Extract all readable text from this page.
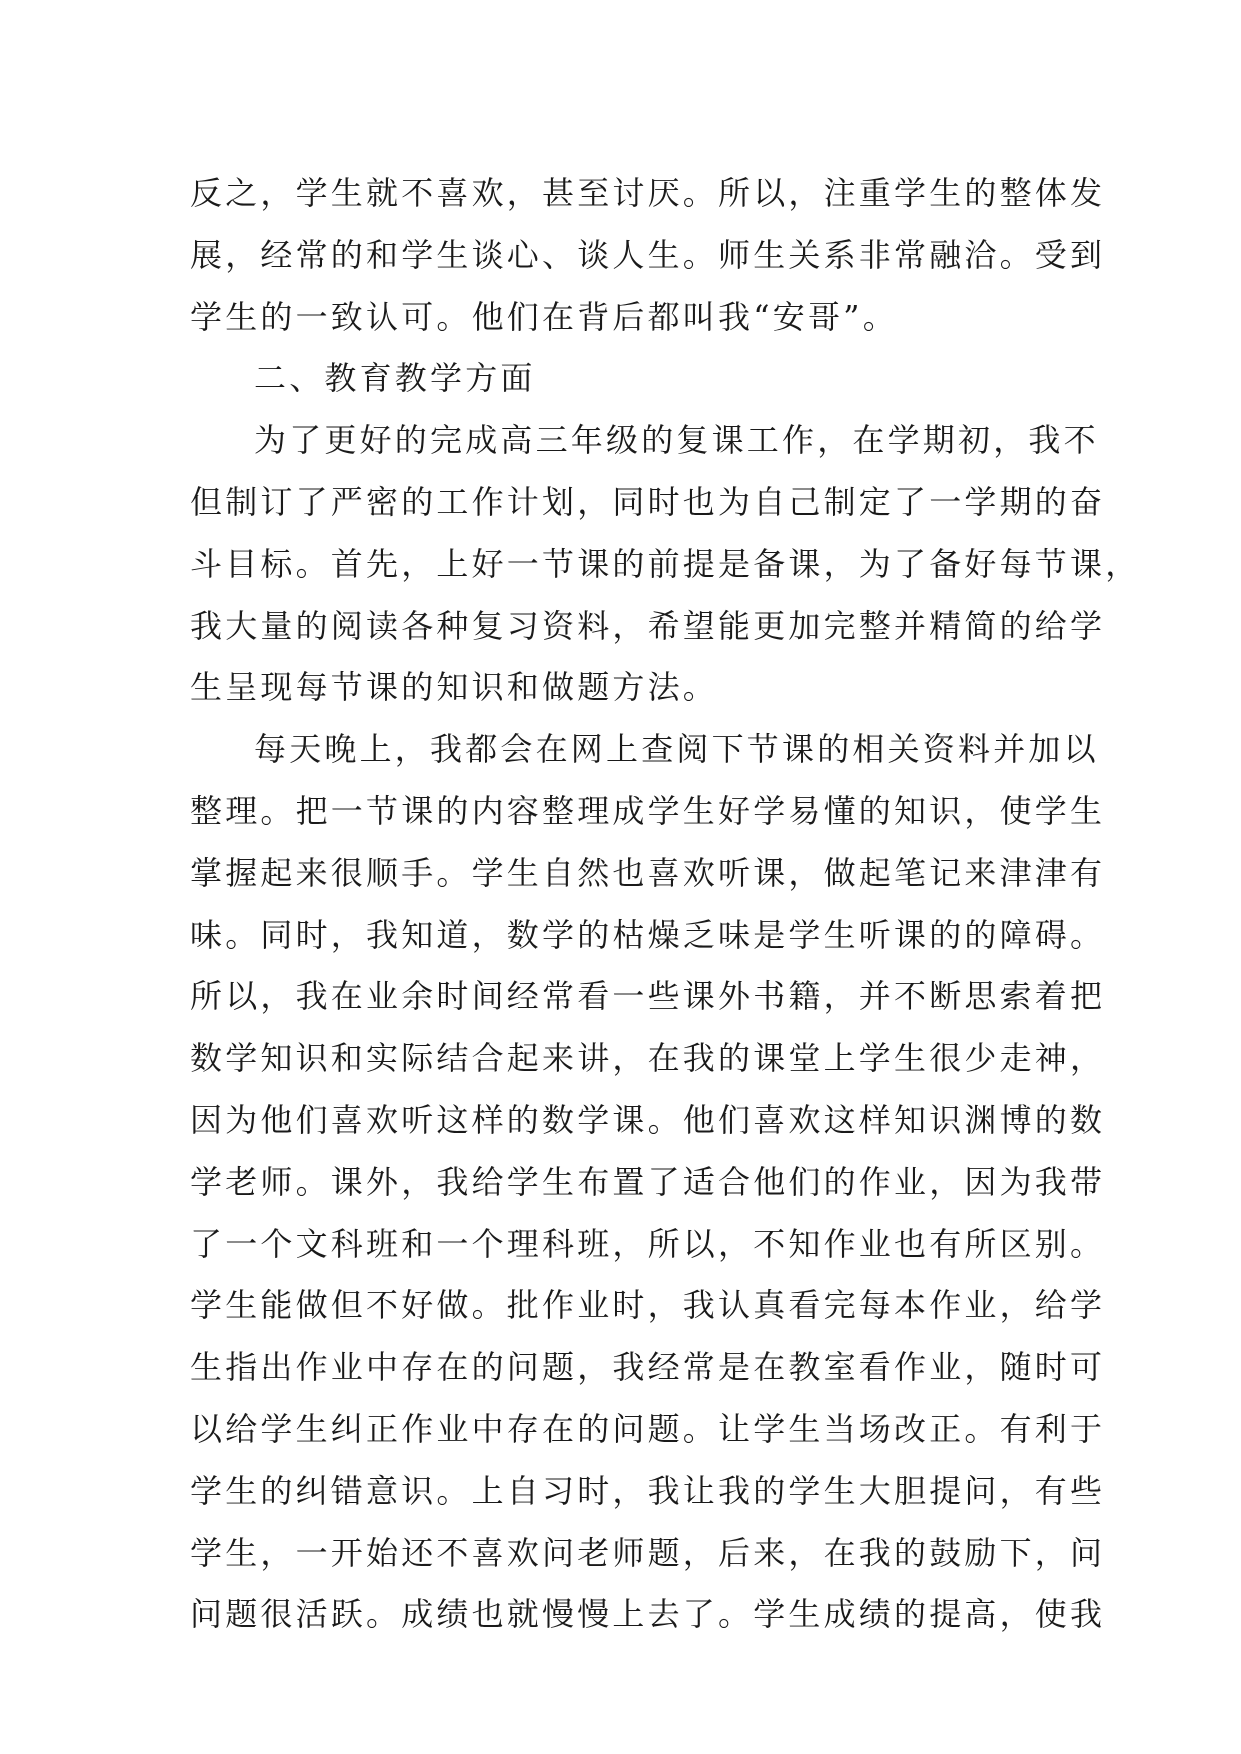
反之，学生就不喜欢，甚至讨厌。所以，注重学生的整体发
展，经常的和学生谈心、谈人生。师生关系非常融洽。受到
学生的一致认可。他们在背后都叫我“安哥”。
二、教育教学方面
为了更好的完成高三年级的复课工作，在学期初，我不
但制订了严密的工作计划，同时也为自己制定了一学期的奋
斗目标。首先，上好一节课的前提是备课，为了备好每节课，
我大量的阅读各种复习资料，希望能更加完整并精简的给学
生呈现每节课的知识和做题方法。
每天晚上，我都会在网上查阅下节课的相关资料并加以
整理。把一节课的内容整理成学生好学易懂的知识，使学生
掌握起来很顺手。学生自然也喜欢听课，做起笔记来津津有
味。同时，我知道，数学的枯燥乏味是学生听课的的障碍。
所以，我在业余时间经常看一些课外书籍，并不断思索着把
数学知识和实际结合起来讲，在我的课堂上学生很少走神，
因为他们喜欢听这样的数学课。他们喜欢这样知识渊博的数
学老师。课外，我给学生布置了适合他们的作业，因为我带
了一个文科班和一个理科班，所以，不知作业也有所区别。
学生能做但不好做。批作业时，我认真看完每本作业，给学
生指出作业中存在的问题，我经常是在教室看作业，随时可
以给学生纠正作业中存在的问题。让学生当场改正。有利于
学生的纠错意识。上自习时，我让我的学生大胆提问，有些
学生，一开始还不喜欢问老师题，后来，在我的鼓励下，问
问题很活跃。成绩也就慢慢上去了。学生成绩的提高，使我
